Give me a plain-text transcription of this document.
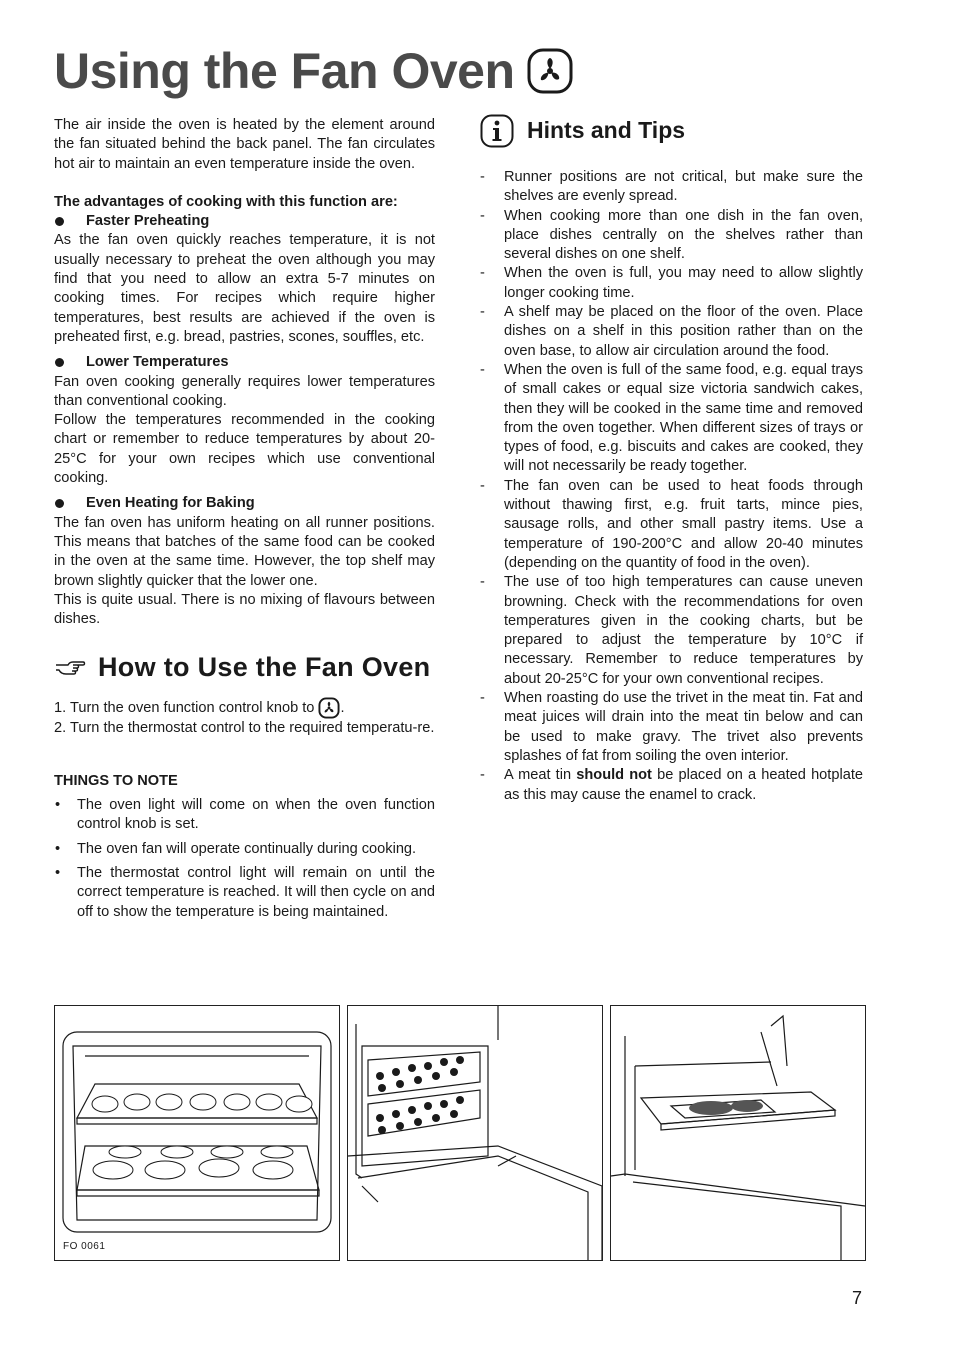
Using the Fan Oven

The air inside the oven is heated by the element around the fan situated behind the back panel. The fan circulates hot air to maintain an even temperature inside the oven.

The advantages of cooking with this function are:

Faster Preheating

As the fan oven quickly reaches temperature, it is not usually necessary to preheat the oven although you may find that you need to allow an extra 5-7 minutes on cooking times. For recipes which require higher temperatures, best results are achieved if the oven is preheated first, e.g. bread, pastries, scones, souffles, etc.

Lower Temperatures

Fan oven cooking generally requires lower temperatures than conventional cooking.

Follow the temperatures recommended in the cooking chart or remember to reduce temperatures by about 20-25°C for your own recipes which use conventional cooking.

Even Heating for Baking

The fan oven has uniform heating on all runner positions. This means that batches of the same food can be cooked in the oven at the same time. However, the top shelf may brown slightly quicker that the lower one.

This is quite usual. There is no mixing of flavours between dishes.

How to Use the Fan Oven

1. Turn the oven function control knob to .

2. Turn the thermostat control to the required temperatu-re.

THINGS TO NOTE

• The oven light will come on when the oven function control knob is set.
• The oven fan will operate continually during cooking.
• The thermostat control light will remain on until the correct temperature is reached. It will then cycle on and off to show the temperature is being maintained.
Hints and Tips
- Runner positions are not critical, but make sure the shelves are evenly spread.
- When cooking more than one dish in the fan oven, place dishes centrally on the shelves rather than several dishes on one shelf.
- When the oven is full, you may need to allow slightly longer cooking time.
- A shelf may be placed on the floor of the oven. Place dishes on a shelf in this position rather than on the oven base, to allow air circulation around the food.
- When the oven is full of the same food, e.g. equal trays of small cakes or equal size victoria sandwich cakes, then they will be cooked in the same time and removed from the oven together. When different sizes of trays or types of food, e.g. biscuits and cakes are cooked, they will not necessarily be ready together.
- The fan oven can be used to heat foods through without thawing first, e.g. fruit tarts, mince pies, sausage rolls, and other small pastry items. Use a temperature of 190-200°C and allow 20-40 minutes (depending on the quantity of food in the oven).
- The use of too high temperatures can cause uneven browning. Check with the recommendations for oven temperatures given in the cooking charts, but be prepared to adjust the temperature by 10°C if necessary. Remember to reduce temperatures by about 20-25°C for your own conventional recipes.
- When roasting do use the trivet in the meat tin. Fat and meat juices will drain into the meat tin below and can be used to make gravy. The trivet also prevents splashes of fat from soiling the oven interior.
- A meat tin should not be placed on a heated hotplate as this may cause the enamel to crack.
FO 0061
7
